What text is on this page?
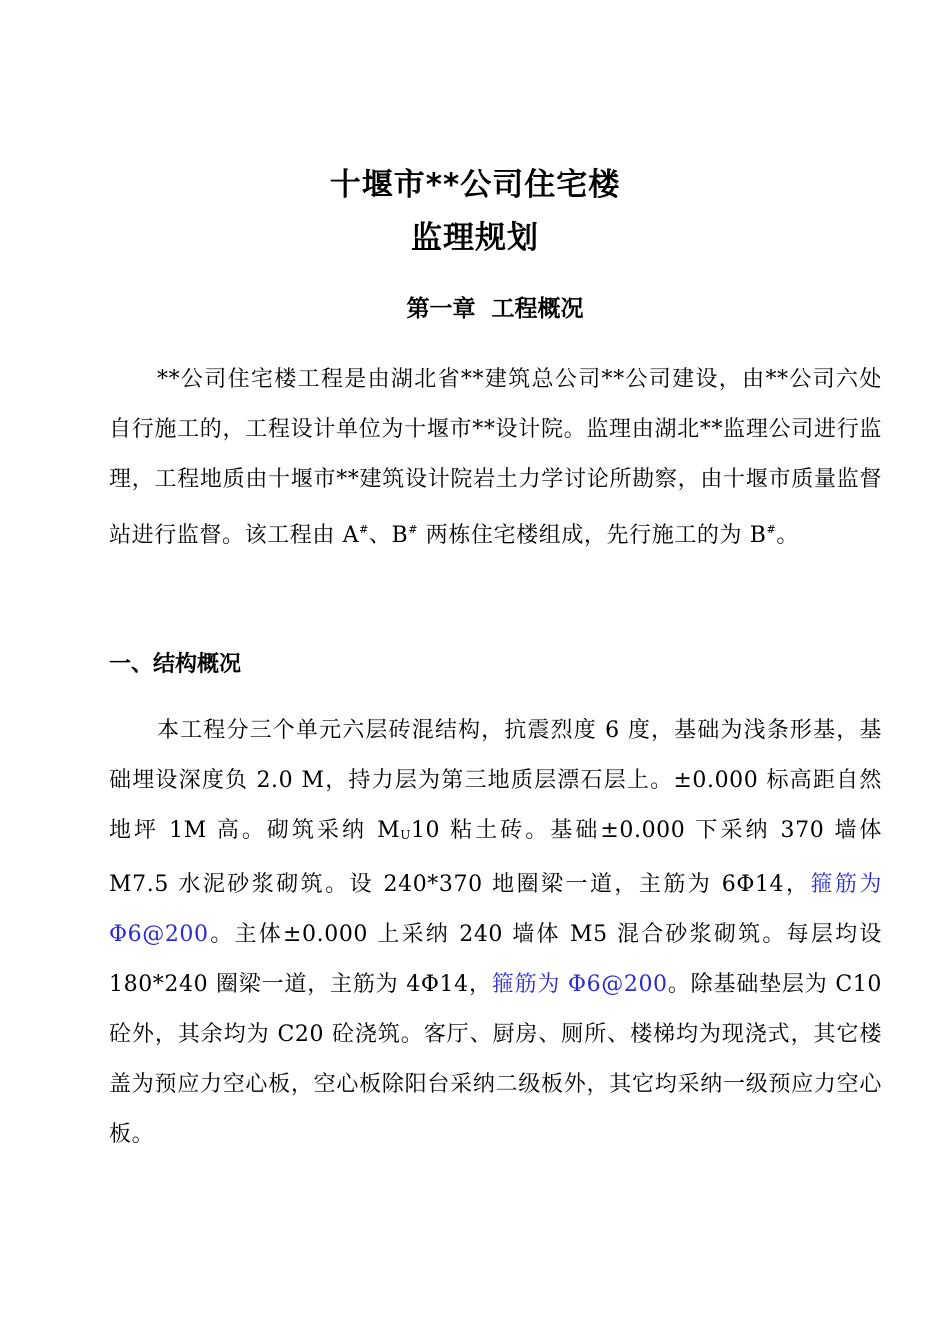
十堰市**公司住宅楼
监理规划
第一章  工程概况

**公司住宅楼工程是由湖北省**建筑总公司**公司建设，由**公司六处自行施工的，工程设计单位为十堰市**设计院。监理由湖北**监理公司进行监理，工程地质由十堰市**建筑设计院岩土力学讨论所勘察，由十堰市质量监督站进行监督。该工程由 A#、B# 两栋住宅楼组成，先行施工的为 B#。

一、结构概况

本工程分三个单元六层砖混结构，抗震烈度 6 度，基础为浅条形基，基础埋设深度负 2.0 M，持力层为第三地质层漂石层上。±0.000 标高距自然地坪 1M 高。砌筑采纳 MU10 粘土砖。基础±0.000 下采纳 370 墙体 M7.5 水泥砂浆砌筑。设 240*370 地圈梁一道，主筋为 6Φ14，箍筋为 Φ6@200。主体±0.000 上采纳 240 墙体 M5 混合砂浆砌筑。每层均设 180*240 圈梁一道，主筋为 4Φ14，箍筋为 Φ6@200。除基础垫层为 C10 砼外，其余均为 C20 砼浇筑。客厅、厨房、厕所、楼梯均为现浇式，其它楼盖为预应力空心板，空心板除阳台采纳二级板外，其它均采纳一级预应力空心板。
